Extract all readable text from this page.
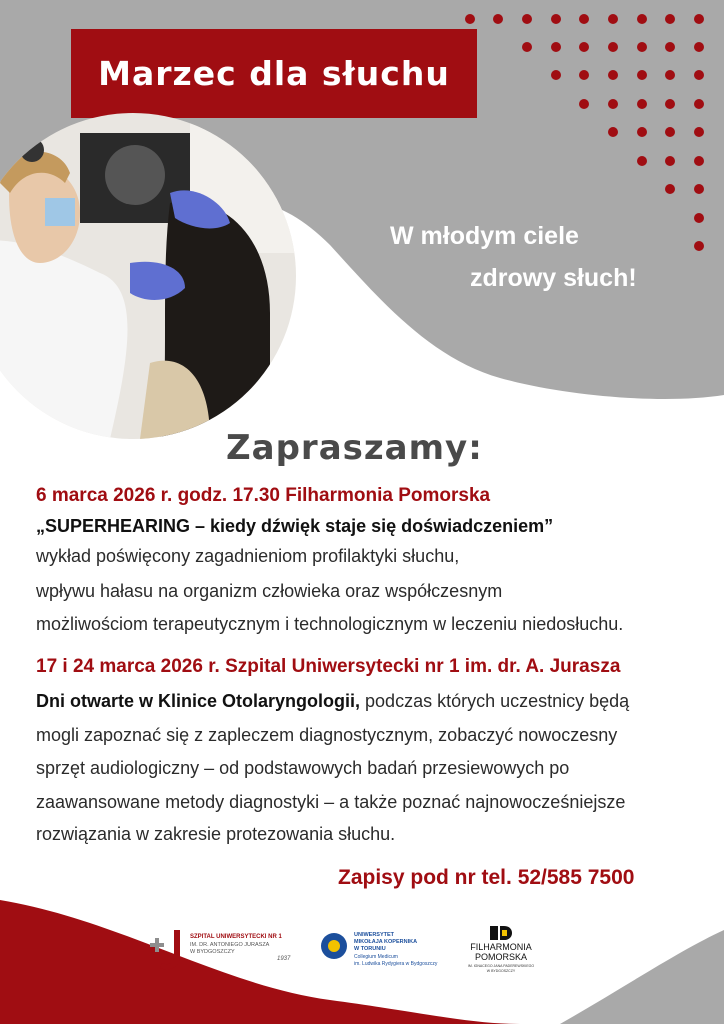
Marzec dla słuchu
W młodym ciele
zdrowy słuch!
Zapraszamy:
6 marca 2026 r. godz. 17.30 Filharmonia Pomorska
„SUPERHEARING – kiedy dźwięk staje się doświadczeniem”
wykład poświęcony zagadnieniom profilaktyki słuchu,
wpływu hałasu na organizm człowieka oraz współczesnym
możliwościom terapeutycznym i technologicznym w leczeniu niedosłuchu.
17 i 24 marca 2026 r. Szpital Uniwersytecki nr 1 im. dr. A. Jurasza
Dni otwarte w Klinice Otolaryngologii, podczas których uczestnicy będą
mogli zapoznać się z zapleczem diagnostycznym, zobaczyć nowoczesny
sprzęt audiologiczny – od podstawowych badań przesiewowych po
zaawansowane metody diagnostyki – a także poznać najnowocześniejsze
rozwiązania w zakresie protezowania słuchu.
Zapisy pod nr tel. 52/585 7500
SZPITAL UNIWERSYTECKI NR 1
IM. DR. ANTONIEGO JURASZA
W BYDGOSZCZY
1937
UNIWERSYTET
MIKOŁAJA KOPERNIKA
W TORUNIU
Collegium Medicum
im. Ludwika Rydygiera w Bydgoszczy
FILHARMONIA
POMORSKA
IM. IGNACEGO JANA PADEREWSKIEGO
W BYDGOSZCZY
